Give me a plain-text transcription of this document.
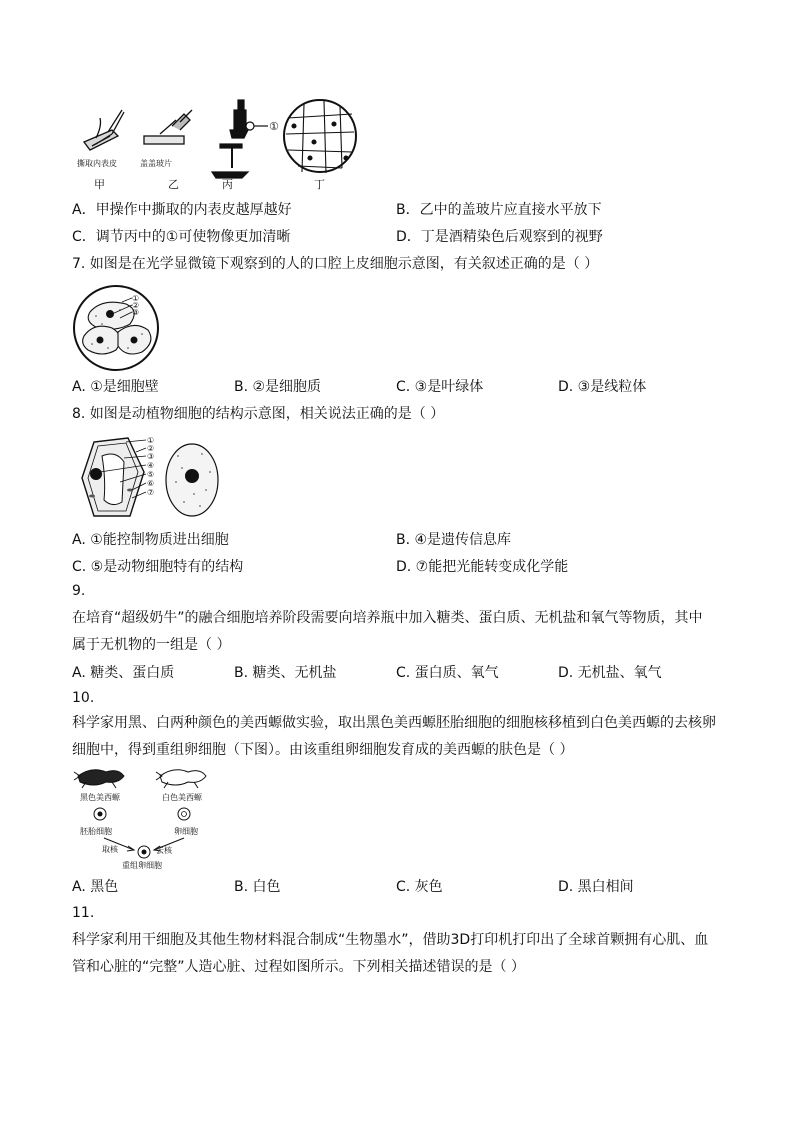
①
撕取内表皮	盖盖玻片
甲	乙	丙	丁
A．甲操作中撕取的内表皮越厚越好	B．乙中的盖玻片应直接水平放下
C．调节丙中的①可使物像更加清晰	D．丁是酒精染色后观察到的视野
7. 如图是在光学显微镜下观察到的人的口腔上皮细胞示意图，有关叙述正确的是（ ）
①
②
③
A. ①是细胞壁	B. ②是细胞质	C. ③是叶绿体	D. ③是线粒体
8. 如图是动植物细胞的结构示意图，相关说法正确的是（ ）
①
②
③
④
⑤
⑥
⑦
A. ①能控制物质进出细胞	B. ④是遗传信息库
C. ⑤是动物细胞特有的结构	D. ⑦能把光能转变成化学能
9.
在培育“超级奶牛”的融合细胞培养阶段需要向培养瓶中加入糖类、蛋白质、无机盐和氧气等物质，其中
属于无机物的一组是（ ）
A. 糖类、蛋白质	B. 糖类、无机盐	C. 蛋白质、氧气	D. 无机盐、氧气
10.
科学家用黑、白两种颜色的美西螈做实验，取出黑色美西螈胚胎细胞的细胞核移植到白色美西螈的去核卵
细胞中，得到重组卵细胞（下图）。由该重组卵细胞发育成的美西螈的肤色是（ ）
黑色美西螈	白色美西螈
胚胎细胞	卵细胞
取核	去核
重组卵细胞
A. 黑色	B. 白色	C. 灰色	D. 黑白相间
11.
科学家利用干细胞及其他生物材料混合制成“生物墨水”，借助3D打印机打印出了全球首颗拥有心肌、血
管和心脏的“完整”人造心脏、过程如图所示。下列相关描述错误的是（ ）
